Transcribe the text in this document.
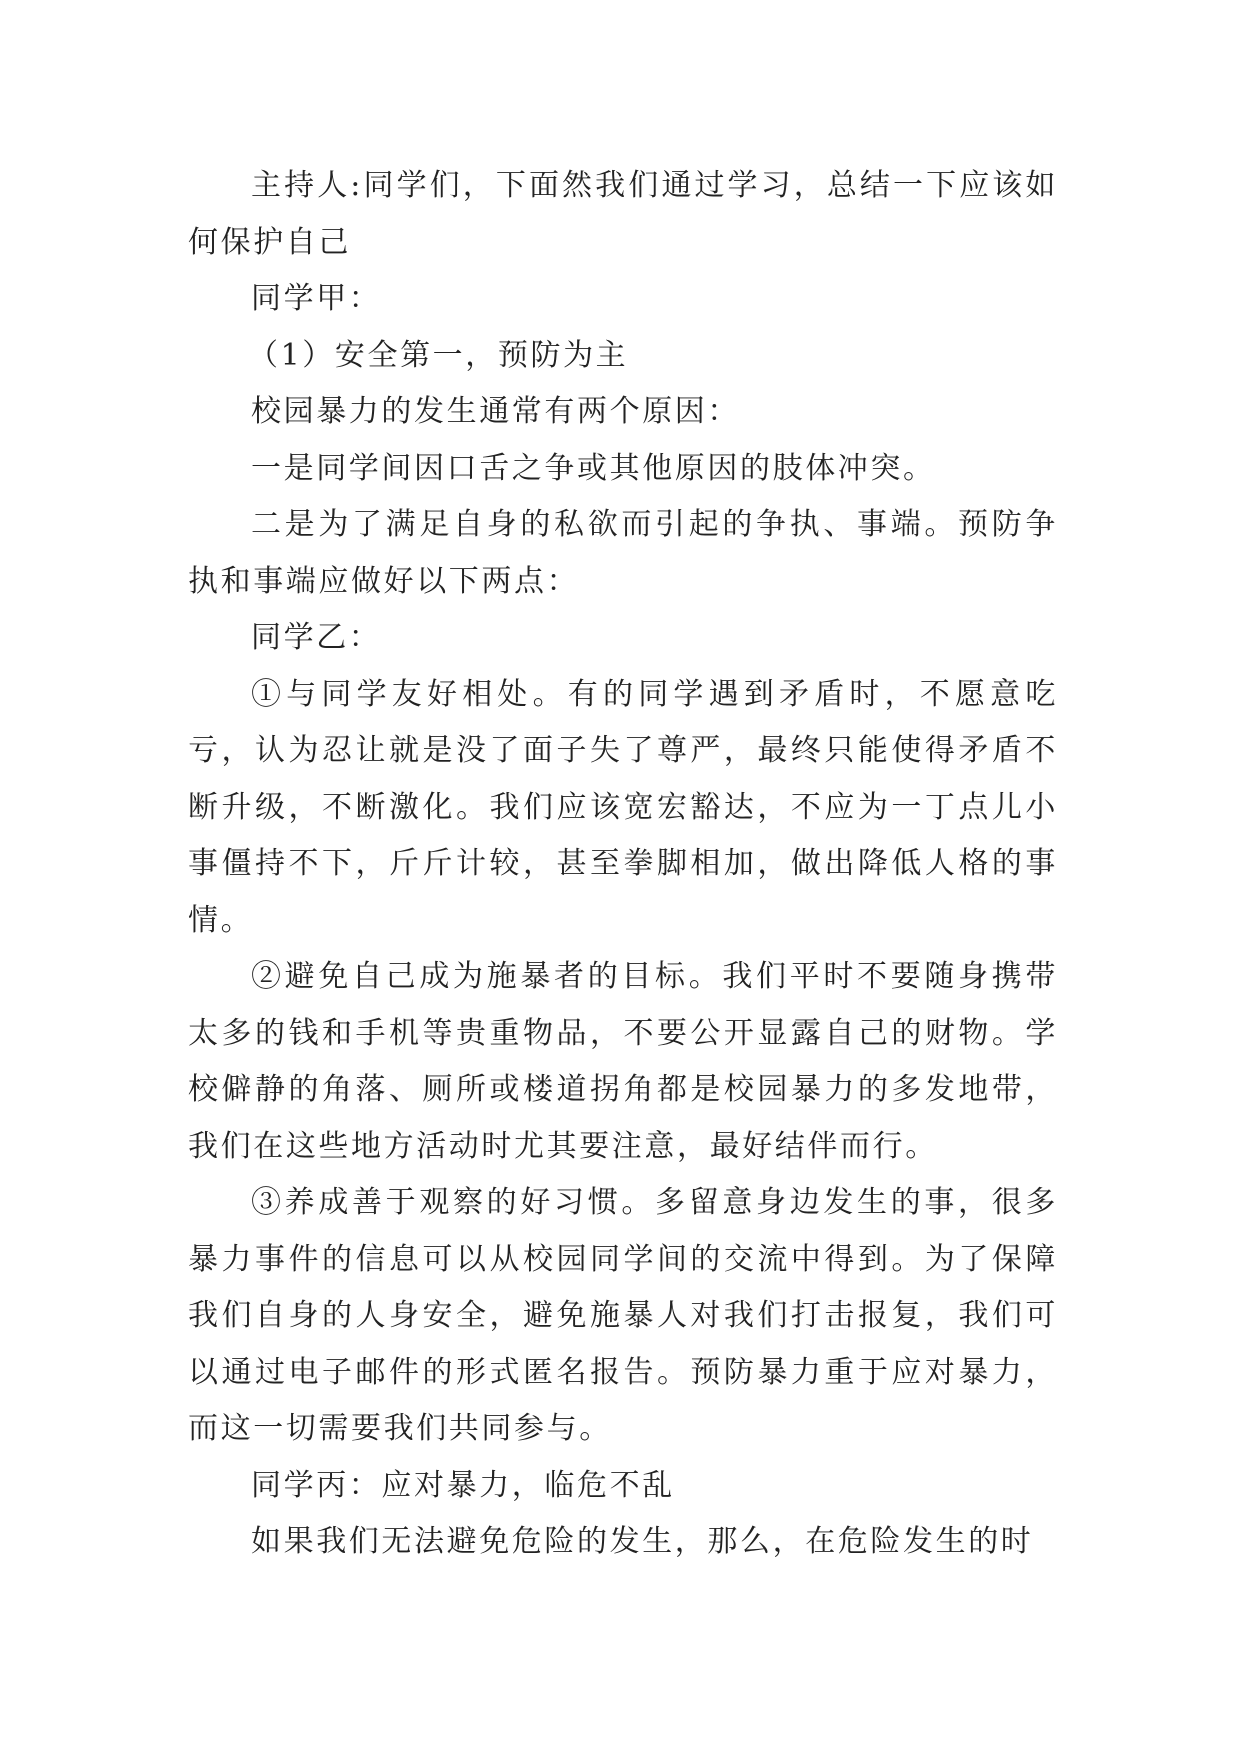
主持人:同学们，下面然我们通过学习，总结一下应该如何保护自己

同学甲：

（1）安全第一，预防为主

校园暴力的发生通常有两个原因：

一是同学间因口舌之争或其他原因的肢体冲突。

二是为了满足自身的私欲而引起的争执、事端。预防争执和事端应做好以下两点：

同学乙：

①与同学友好相处。有的同学遇到矛盾时，不愿意吃亏，认为忍让就是没了面子失了尊严，最终只能使得矛盾不断升级，不断激化。我们应该宽宏豁达，不应为一丁点儿小事僵持不下，斤斤计较，甚至拳脚相加，做出降低人格的事情。

②避免自己成为施暴者的目标。我们平时不要随身携带太多的钱和手机等贵重物品，不要公开显露自己的财物。学校僻静的角落、厕所或楼道拐角都是校园暴力的多发地带，我们在这些地方活动时尤其要注意，最好结伴而行。

③养成善于观察的好习惯。多留意身边发生的事，很多暴力事件的信息可以从校园同学间的交流中得到。为了保障我们自身的人身安全，避免施暴人对我们打击报复，我们可以通过电子邮件的形式匿名报告。预防暴力重于应对暴力，而这一切需要我们共同参与。

同学丙：应对暴力，临危不乱

如果我们无法避免危险的发生，那么，在危险发生的时
